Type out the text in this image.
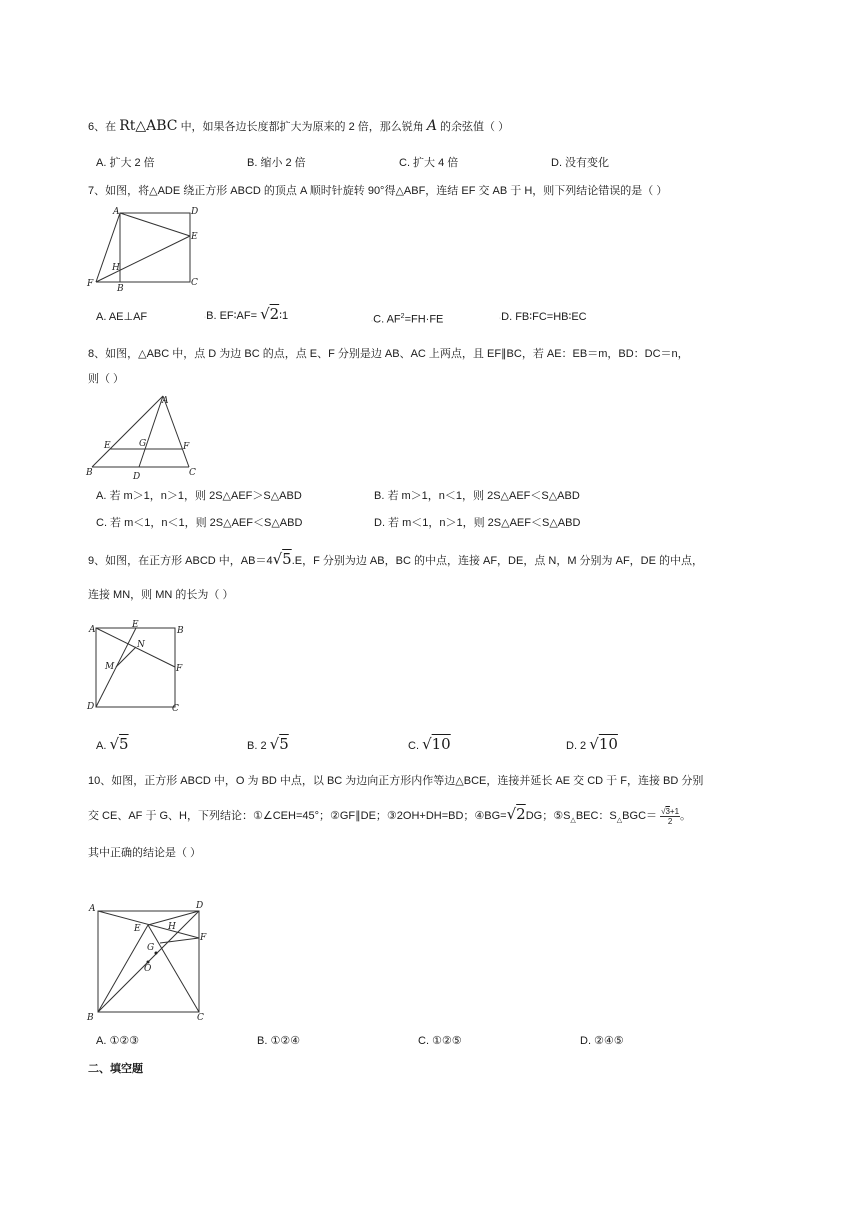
6、在 Rt△ABC 中，如果各边长度都扩大为原来的 2 倍，那么锐角 A 的余弦值（ ）
A. 扩大 2 倍	B. 缩小 2 倍	C. 扩大 4 倍	D. 没有变化
7、如图，将△ADE 绕正方形 ABCD 的顶点 A 顺时针旋转 90°得△ABF，连结 EF 交 AB 于 H，则下列结论错误的是（ ）
A	D
E
H
F	B
C
A. AE⊥AF	◦B. EF∶AF= √2∶1	◦C. $AF^2=FH\cdot FE$	◦D. FB∶FC=HB∶EC
8、如图，△ABC 中，点 D 为边 BC 的点，点 E、F 分别是边 AB、AC 上两点，且 EF∥BC，若 AE：EB＝m，BD：DC＝n，
则（ ）
A
E	G	F
B	D	C
A. 若 m＞1，n＞1，则 2S△AEF＞S△ABD	B. 若 m＞1，n＜1，则 2S△AEF＜S△ABD
C. 若 m＜1，n＜1，则 2S△AEF＜S△ABD	D. 若 m＜1，n＞1，则 2S△AEF＜S△ABD
9、如图，在正方形 ABCD 中，AB＝4√5.E，F 分别为边 AB，BC 的中点，连接 AF，DE，点 N，M 分别为 AF，DE 的中点，
连接 MN，则 MN 的长为（ ）
A	E
B
N
M	F
D	C
A. √5	B. 2 √5	C. √10	D. 2 √10
10、如图，正方形 ABCD 中，O 为 BD 中点，以 BC 为边向正方形内作等边△BCE，连接并延长 AE 交 CD 于 F，连接 BD 分别
交 CE、AF 于 G、H，下列结论：①∠CEH=45°；②GF∥DE；③2OH+DH=BD；④BG=√2DG；$⑤S_\triangle BEC$：$S_\triangle BGC= \frac{√3+1}{2}$ 。
其中正确的结论是（ ）
A	D
E	H
F
G
O
B	C
A. ①②③	B. ①②④	C. ①②⑤	D. ②④⑤
二、填空题
